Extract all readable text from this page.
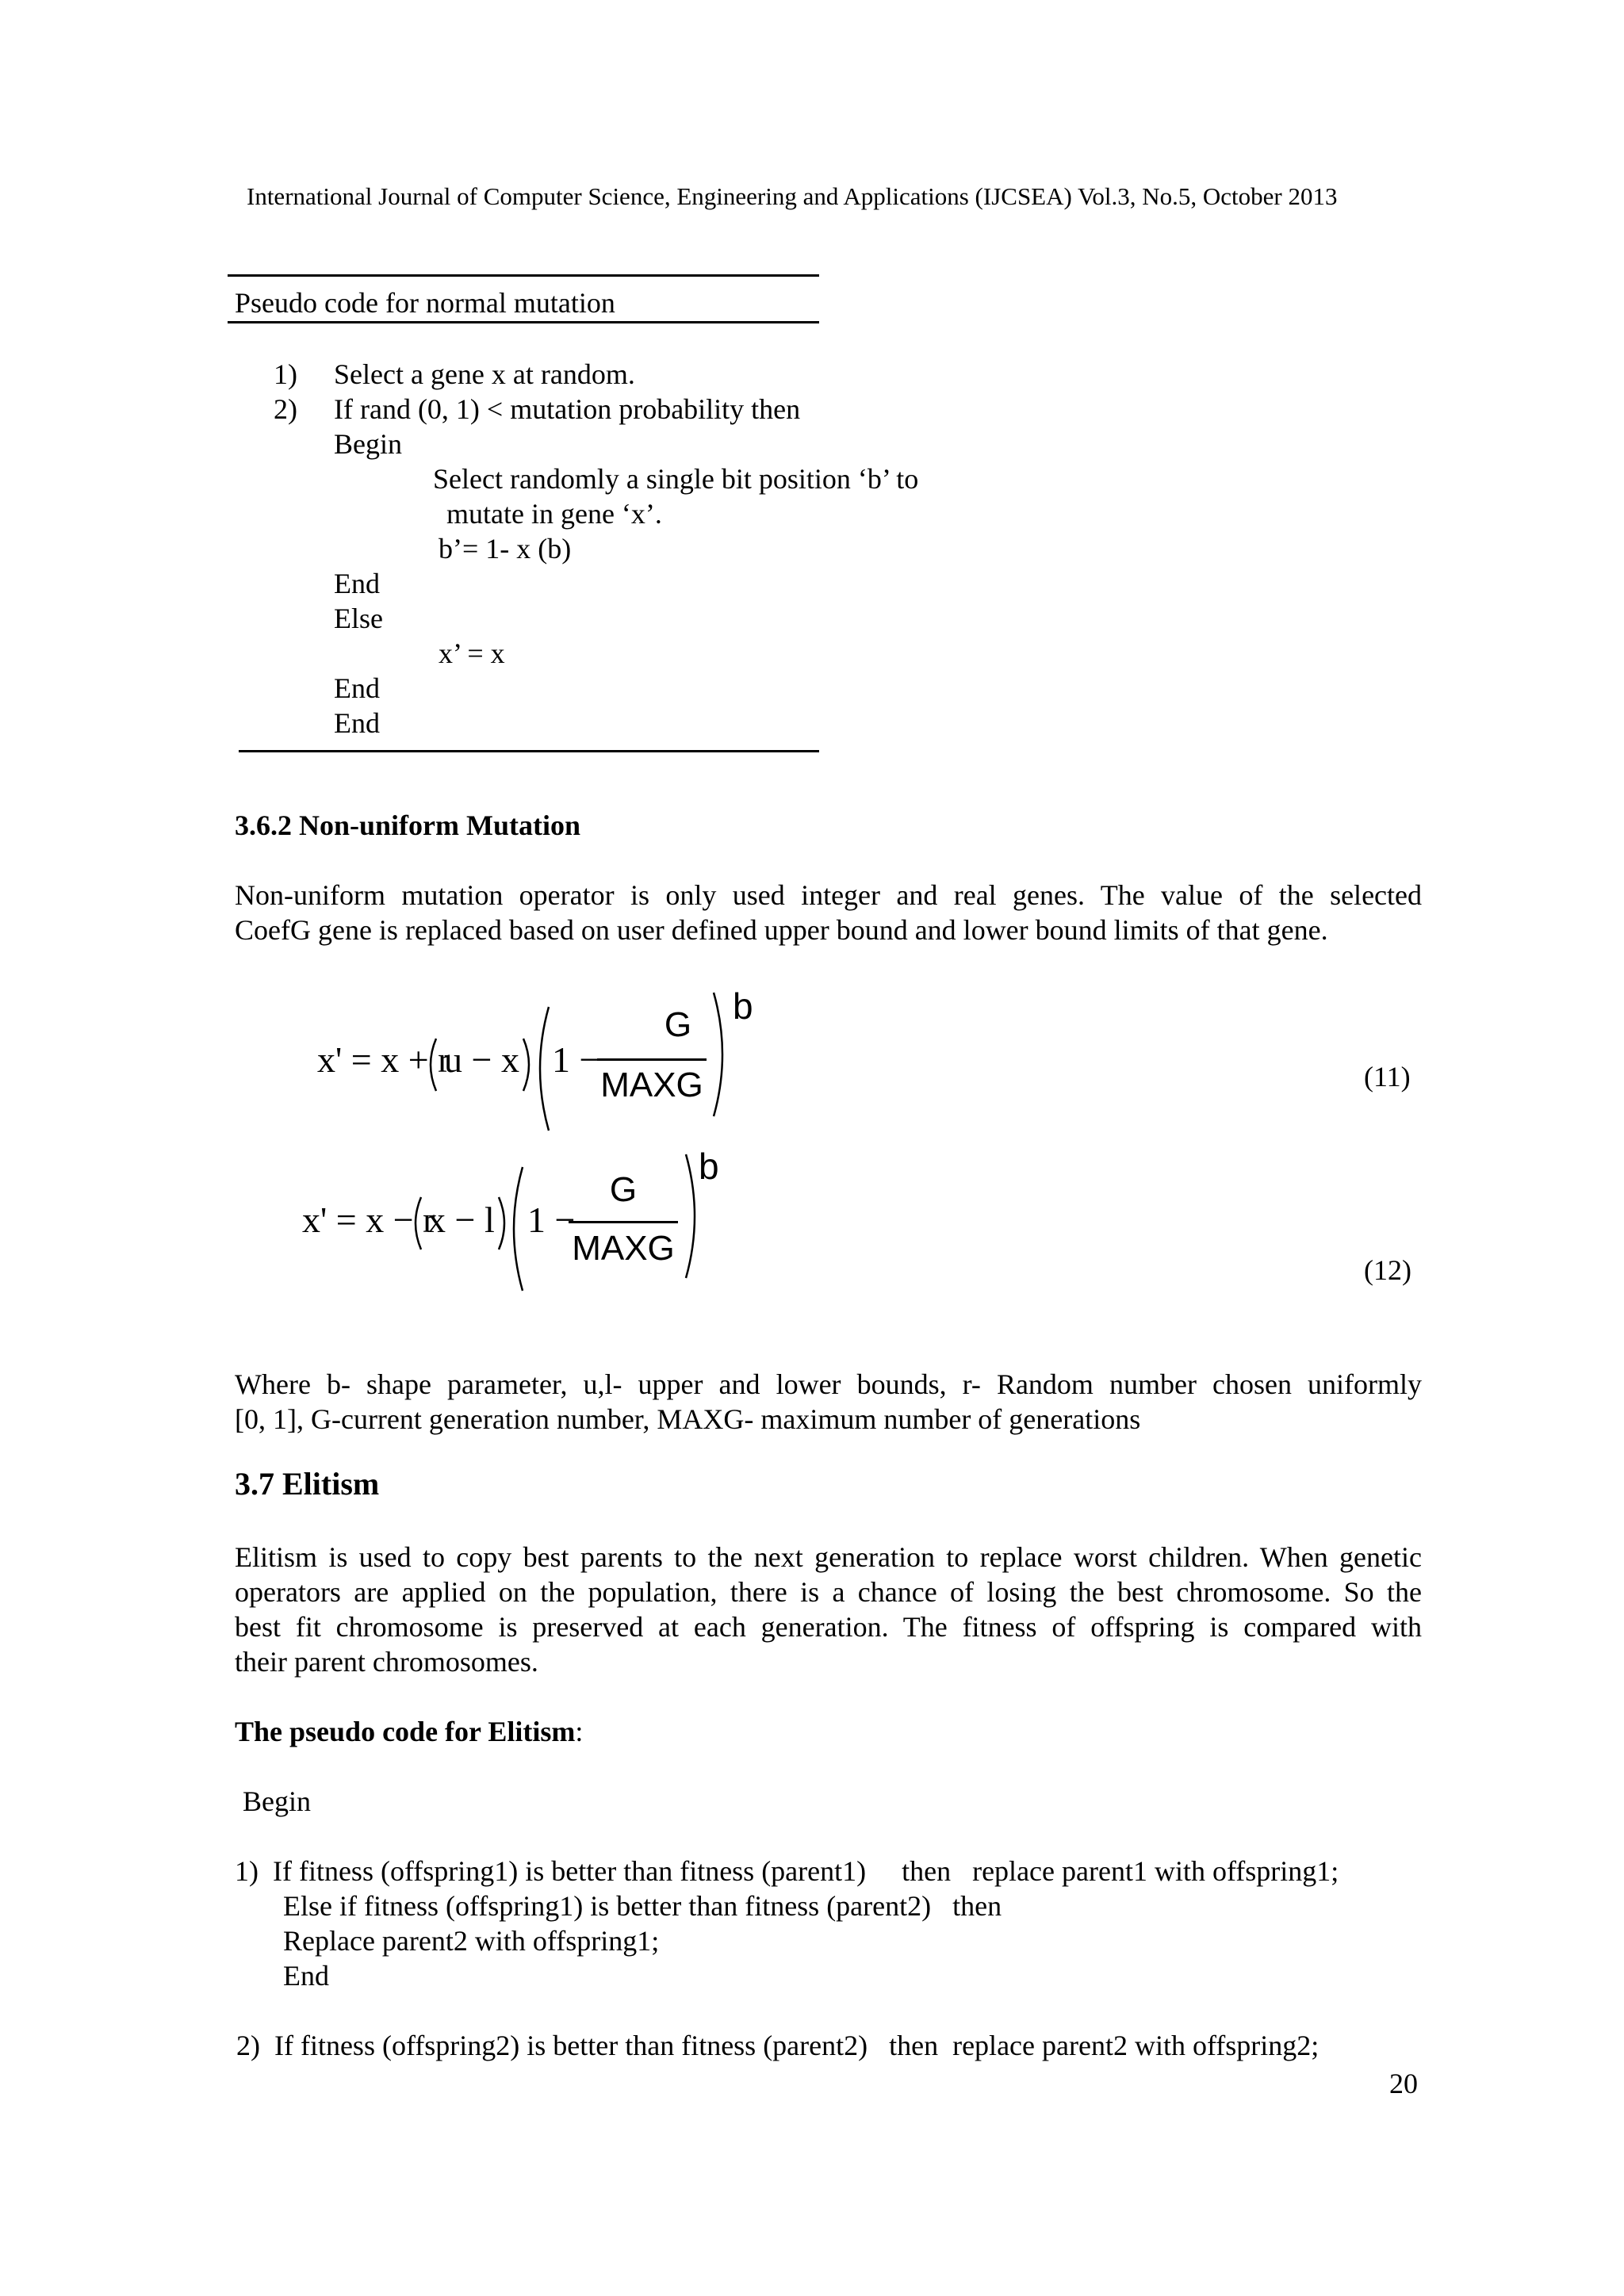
International Journal of Computer Science, Engineering and Applications (IJCSEA) Vol.3, No.5, October 2013
Pseudo code for normal mutation
1) Select a gene x at random.
2) If rand (0, 1) < mutation probability then
Begin
Select randomly a single bit position ‘b’ to
mutate in gene ‘x’.
b’= 1- x (b)
End
Else
x’ = x
End
End
3.6.2 Non-uniform Mutation
Non-uniform mutation operator is only used integer and real genes. The value of the selected
CoefG gene is replaced based on user defined upper bound and lower bound limits of that gene.
x' = x + r
u − x 1 −
G
MAXG
b
(11)
x' = x − r
x − l 1 −
G
MAXG
b
(12)
Where b- shape parameter, u,l- upper and lower bounds, r- Random number chosen uniformly
[0, 1], G-current generation number, MAXG- maximum number of generations
3.7 Elitism
Elitism is used to copy best parents to the next generation to replace worst children. When genetic
operators are applied on the population, there is a chance of losing the best chromosome. So the
best fit chromosome is preserved at each generation. The fitness of offspring is compared with
their parent chromosomes.
The pseudo code for Elitism:
Begin
1)  If fitness (offspring1) is better than fitness (parent1)     then   replace parent1 with offspring1;
Else if fitness (offspring1) is better than fitness (parent2)   then
Replace parent2 with offspring1;
End
2)  If fitness (offspring2) is better than fitness (parent2)   then  replace parent2 with offspring2;
20
